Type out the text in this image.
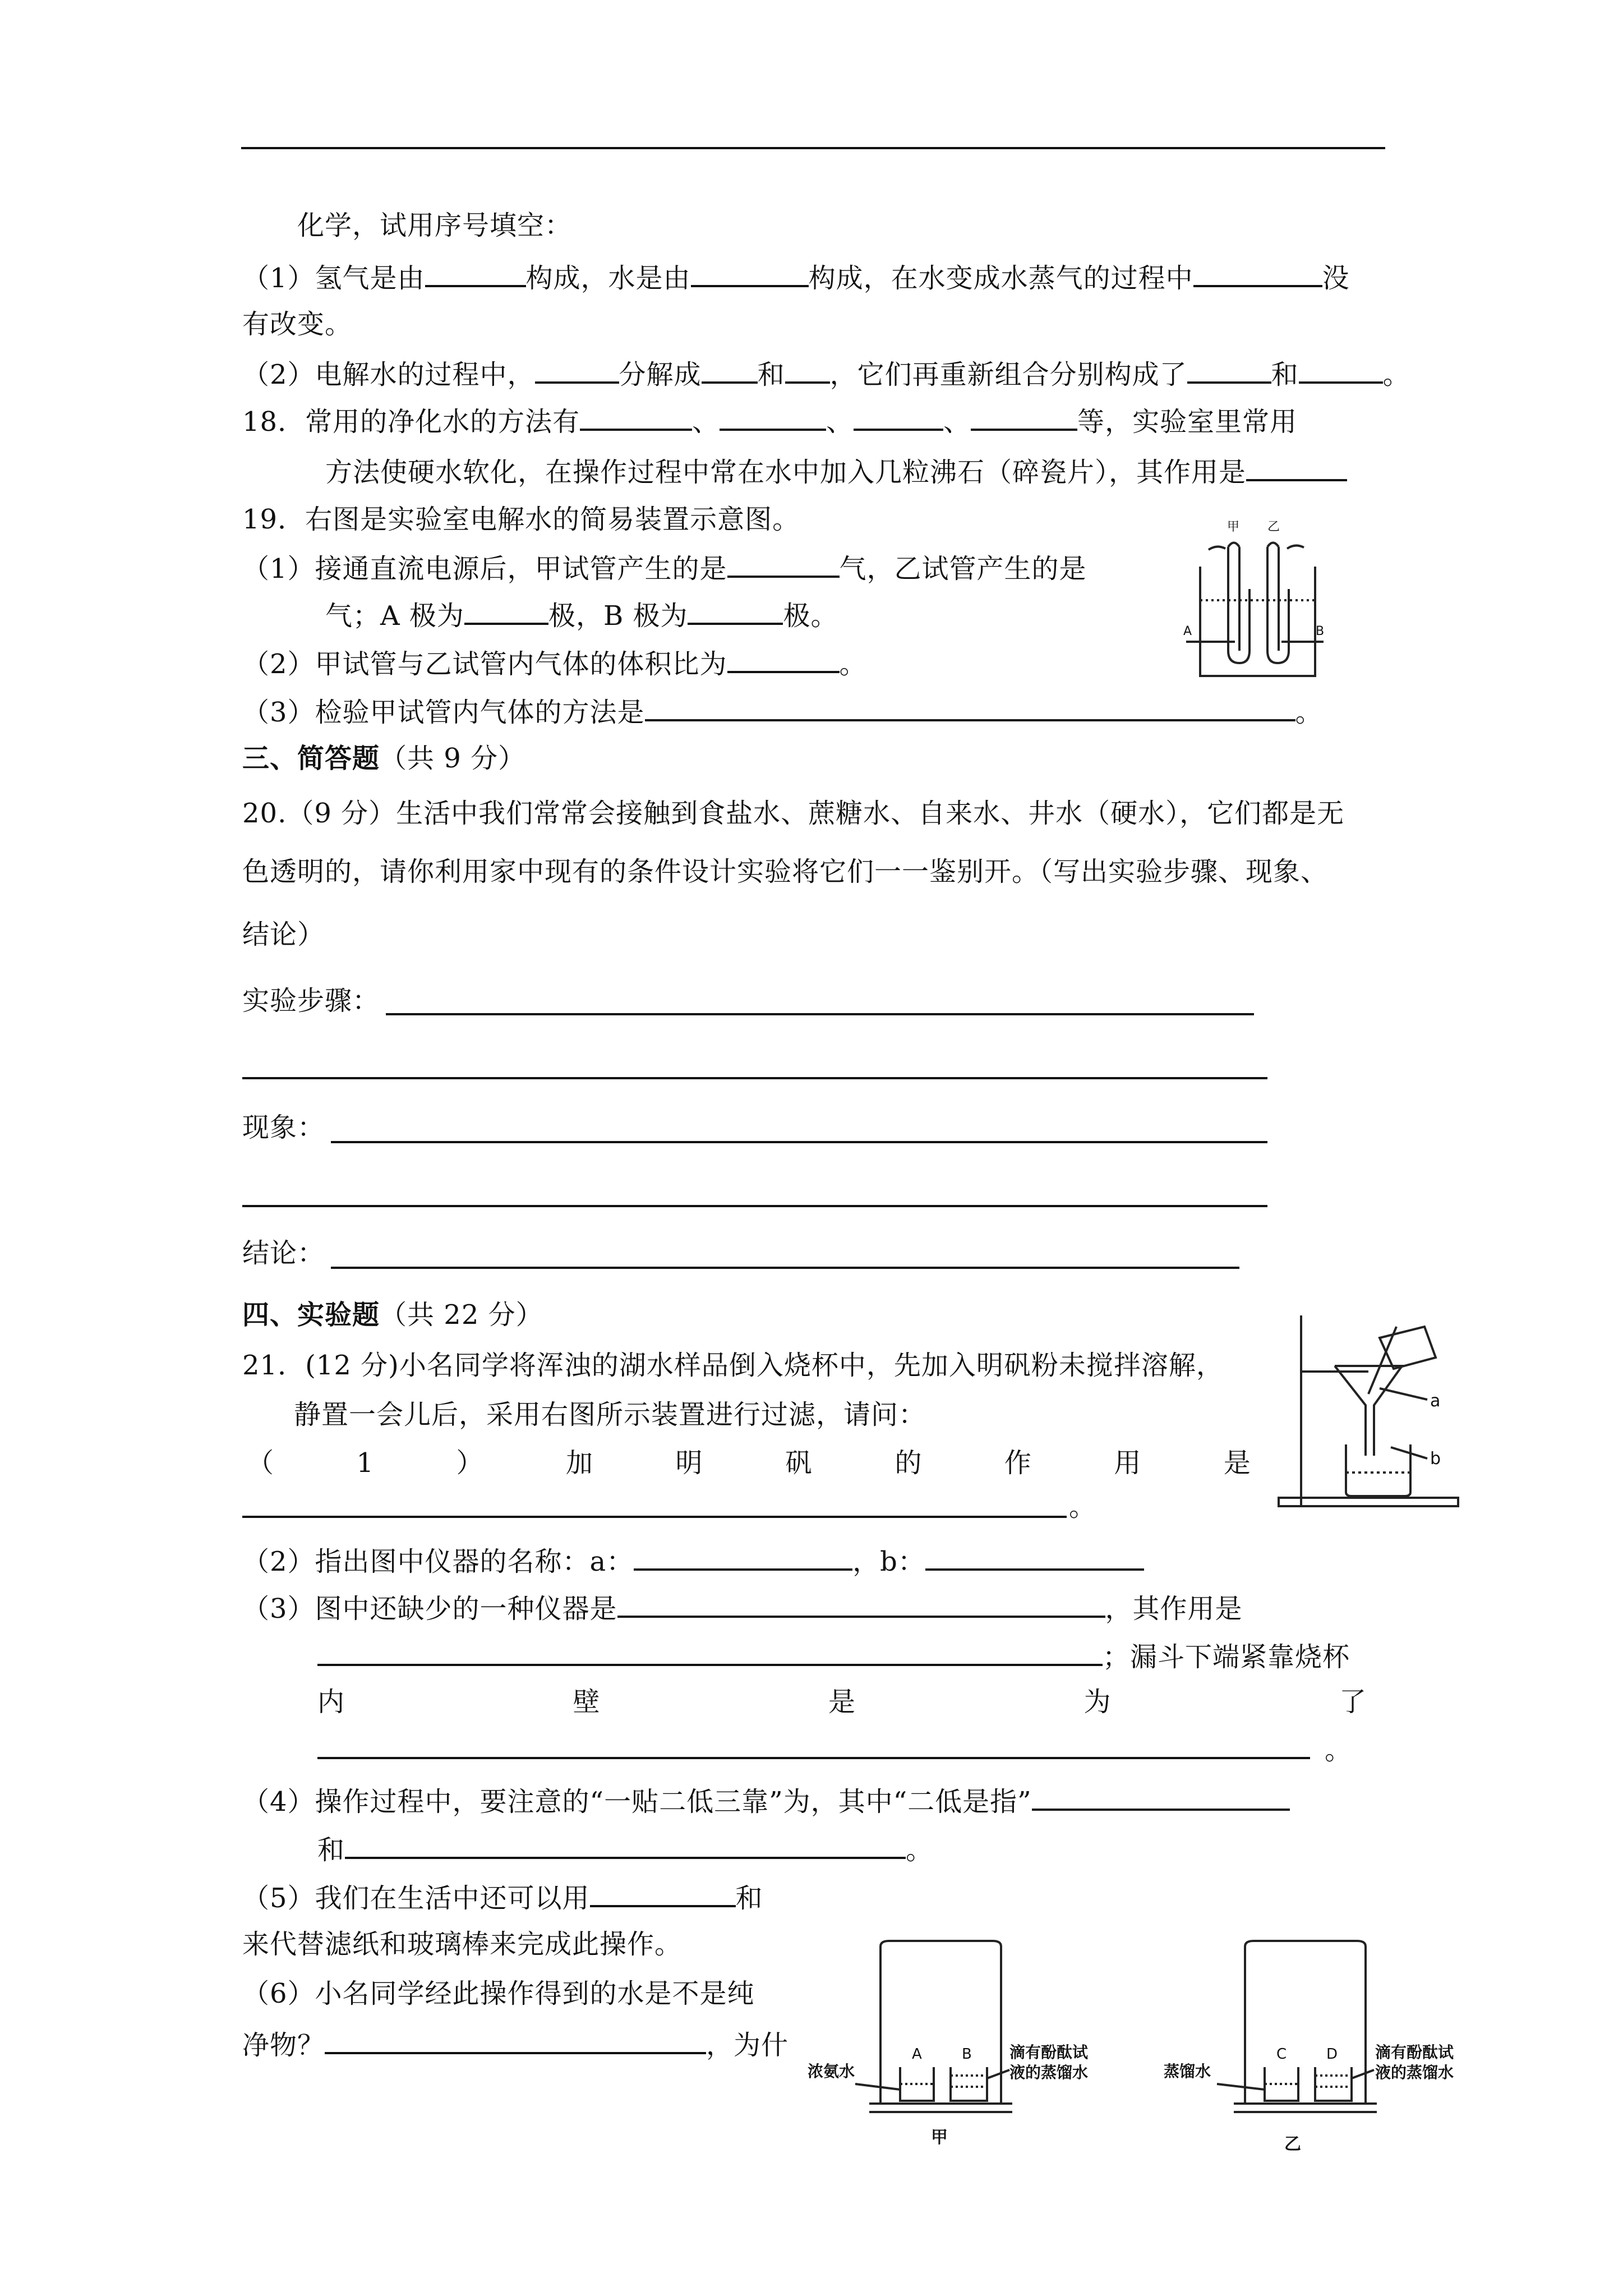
化学，试用序号填空：
（1）氢气是由	构成，水是由	构成，在水变成水蒸气的过程中	没
有改变。
（2）电解水的过程中，	分解成 和 ，它们再重新组合分别构成了	和	。
18．常用的净化水的方法有	、	、	、	等，实验室里常用
方法使硬水软化，在操作过程中常在水中加入几粒沸石（碎瓷片），其作用是
19．右图是实验室电解水的简易装置示意图。
（1）接通直流电源后，甲试管产生的是	气，乙试管产生的是
气；A 极为	极，B 极为	极。
（2）甲试管与乙试管内气体的体积比为	。
（3）检验甲试管内气体的方法是	。
三、简答题（共 9 分）
20.（9 分）生活中我们常常会接触到食盐水、蔗糖水、自来水、井水（硬水），它们都是无
色透明的，请你利用家中现有的条件设计实验将它们一一鉴别开。（写出实验步骤、现象、
结论）
实验步骤：
现象：
结论：
四、实验题（共 22 分）
21．(12 分)小名同学将浑浊的湖水样品倒入烧杯中，先加入明矾粉未搅拌溶解，
静置一会儿后，采用右图所示装置进行过滤，请问：
（	1	）	加	明	矾	的	作	用	是
。
（2）指出图中仪器的名称：a：	，b：
（3）图中还缺少的一种仪器是	，其作用是
；漏斗下端紧靠烧杯
内	壁	是	为	了
。
（4）操作过程中，要注意的“一贴二低三靠”为，其中“二低是指”
和	。
（5）我们在生活中还可以用	和
来代替滤纸和玻璃棒来完成此操作。
（6）小名同学经此操作得到的水是不是纯
净物？	，为什
甲 乙
A	B
a
b
A	B
浓氨水
滴有酚酞试
液的蒸馏水
甲
C	D
蒸馏水
滴有酚酞试
液的蒸馏水
乙
